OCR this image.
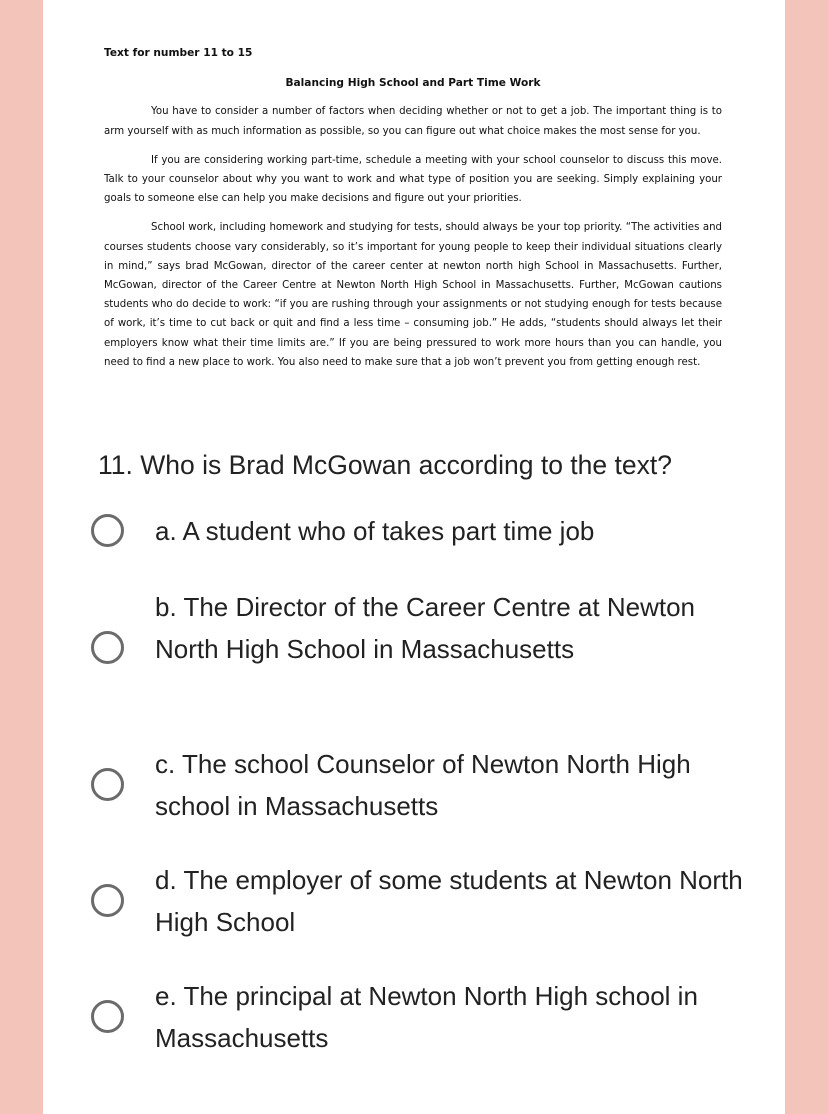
Text for number 11 to 15
Balancing High School and Part Time Work

You have to consider a number of factors when deciding whether or not to get a job. The important thing is to arm yourself with as much information as possible, so you can figure out what choice makes the most sense for you.

If you are considering working part-time, schedule a meeting with your school counselor to discuss this move. Talk to your counselor about why you want to work and what type of position you are seeking. Simply explaining your goals to someone else can help you make decisions and figure out your priorities.

School work, including homework and studying for tests, should always be your top priority. “The activities and courses students choose vary considerably, so it’s important for young people to keep their individual situations clearly in mind,” says brad McGowan, director of the career center at newton north high School in Massachusetts. Further, McGowan, director of the Career Centre at Newton North High School in Massachusetts. Further, McGowan cautions students who do decide to work: “if you are rushing through your assignments or not studying enough for tests because of work, it’s time to cut back or quit and find a less time – consuming job.” He adds, “students should always let their employers know what their time limits are.” If you are being pressured to work more hours than you can handle, you need to find a new place to work. You also need to make sure that a job won’t prevent you from getting enough rest.

11. Who is Brad McGowan according to the text?
a. A student who of takes part time job
b. The Director of the Career Centre at Newton North High School in Massachusetts
c. The school Counselor of Newton North High school in Massachusetts
d. The employer of some students at Newton North High School
e. The principal at Newton North High school in Massachusetts
